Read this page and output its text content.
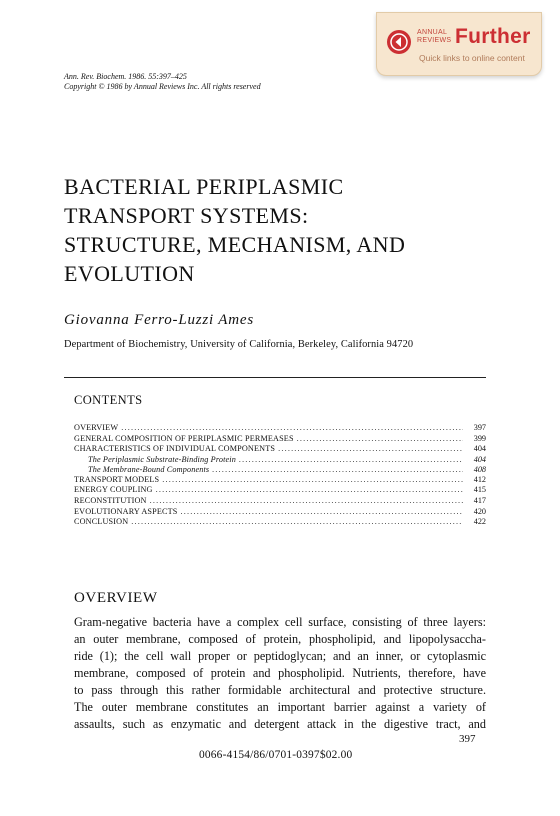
ANNUAL
REVIEWS Further
Quick links to online content
Ann. Rev. Biochem. 1986. 55:397–425
Copyright © 1986 by Annual Reviews Inc. All rights reserved
BACTERIAL PERIPLASMIC
TRANSPORT SYSTEMS:
STRUCTURE, MECHANISM, AND
EVOLUTION
Giovanna Ferro-Luzzi Ames
Department of Biochemistry, University of California, Berkeley, California 94720
CONTENTS
OVERVIEW .....	397
GENERAL COMPOSITION OF PERIPLASMIC PERMEASES .....	399
CHARACTERISTICS OF INDIVIDUAL COMPONENTS .....	404
The Periplasmic Substrate-Binding Protein .....	404
The Membrane-Bound Components .....	408
TRANSPORT MODELS .....	412
ENERGY COUPLING .....	415
RECONSTITUTION .....	417
EVOLUTIONARY ASPECTS .....	420
CONCLUSION .....	422
OVERVIEW
Gram-negative bacteria have a complex cell surface, consisting of three layers:
an outer membrane, composed of protein, phospholipid, and lipopolysaccha-
ride (1); the cell wall proper or peptidoglycan; and an inner, or cytoplasmic
membrane, composed of protein and phospholipid. Nutrients, therefore, have
to pass through this rather formidable architectural and protective structure.
The outer membrane constitutes an important barrier against a variety of
assaults, such as enzymatic and detergent attack in the digestive tract, and
397
0066-4154/86/0701-0397$02.00
